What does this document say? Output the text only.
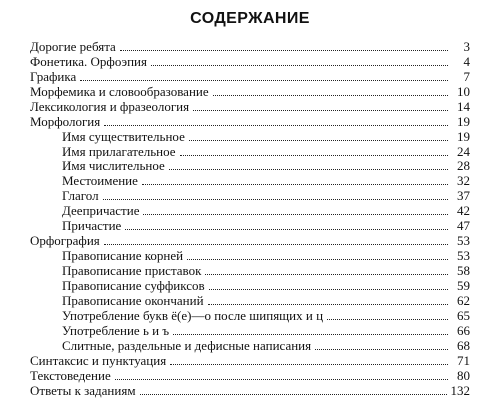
СОДЕРЖАНИЕ
Дорогие ребята	3
Фонетика. Орфоэпия	4
Графика	7
Морфемика и словообразование	10
Лексикология и фразеология	14
Морфология	19
Имя существительное	19
Имя прилагательное	24
Имя числительное	28
Местоимение	32
Глагол	37
Деепричастие	42
Причастие	47
Орфография	53
Правописание корней	53
Правописание приставок	58
Правописание суффиксов	59
Правописание окончаний	62
Употребление букв ё(е)—о после шипящих и ц	65
Употребление ь и ъ	66
Слитные, раздельные и дефисные написания	68
Синтаксис и пунктуация	71
Текстоведение	80
Ответы к заданиям	132
